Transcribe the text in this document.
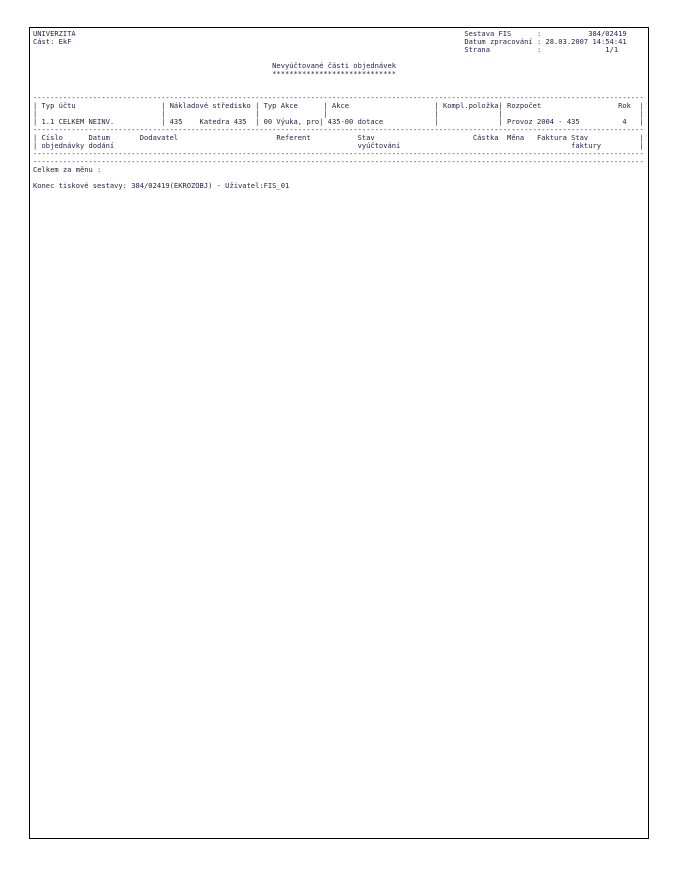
UNIVERZITA                                                                                           Sestava FIS      :           384/02419
Část: EkF                                                                                            Datum zpracování : 28.03.2007 14:54:41
Strana           :               1/1
Nevyúčtované části objednávek
*****************************
-----------------------------------------------------------------------------------------------------------------------------------------------
| Typ účtu                    | Nákladové středisko | Typ Akce      | Akce                    | Kompl.položka| Rozpočet                  Rok  |
|                             |                     |               |                         |              |                                |
| 1.1 CELKEM NEINV.           | 435    Katedra 435  | 00 Výuka, pro| 435-00 dotace            |              | Provoz 2004 - 435          4   |
-----------------------------------------------------------------------------------------------------------------------------------------------
| Číslo      Datum       Dodavatel                       Referent           Stav                       Částka  Měna   Faktura Stav            |
| objednávky dodání                                                         vyúčtování                                        faktury         |
-----------------------------------------------------------------------------------------------------------------------------------------------
-----------------------------------------------------------------------------------------------------------------------------------------------
Celkem za měnu :
Konec tiskové sestavy: 384/02419(EKROZOBJ) - Uživatel:FIS_01
